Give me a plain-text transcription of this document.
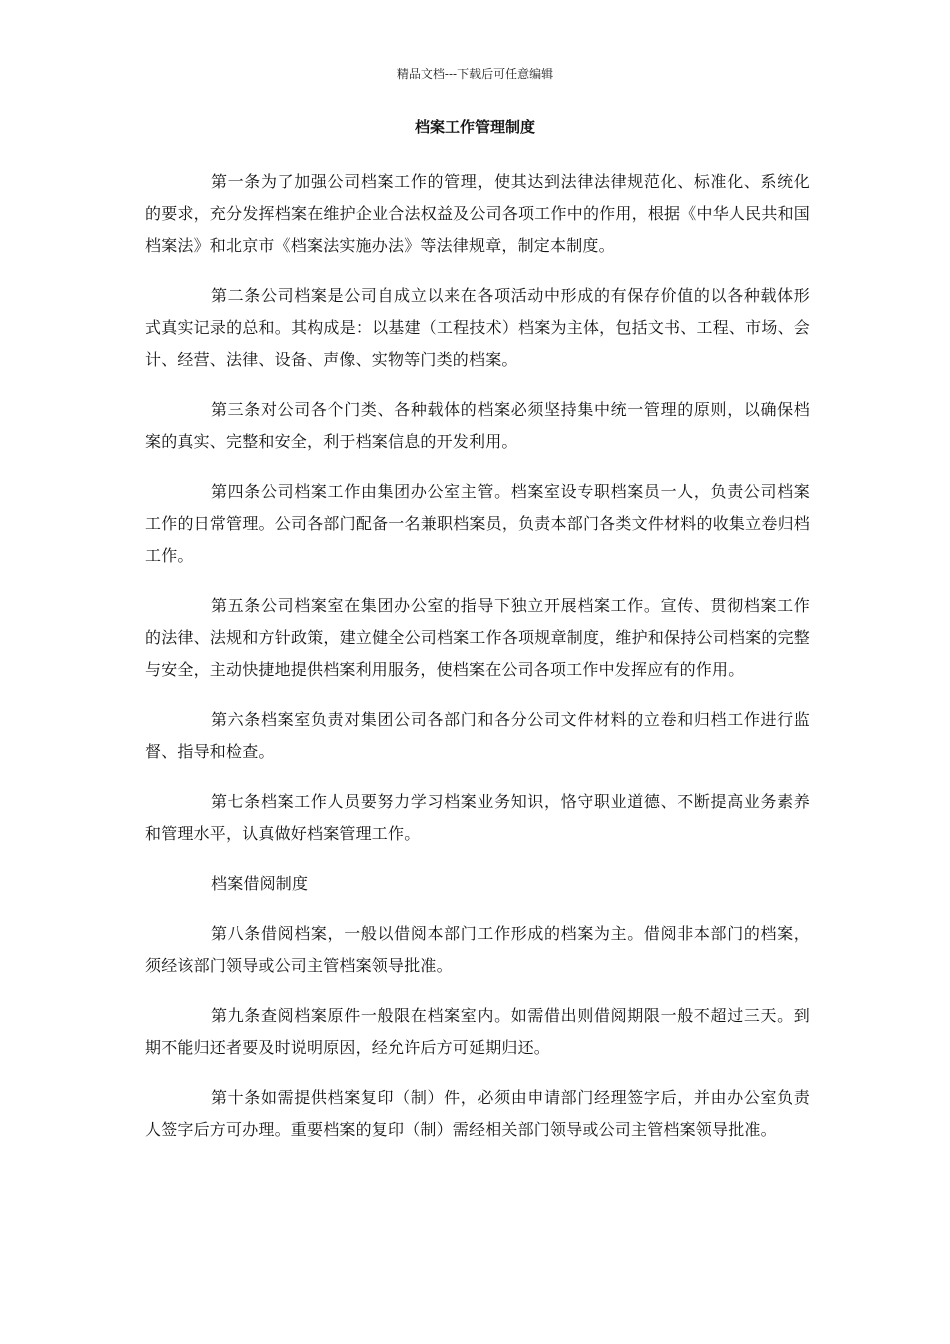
精品文档---下载后可任意编辑
档案工作管理制度

第一条为了加强公司档案工作的管理，使其达到法律法律规范化、标准化、系统化的要求，充分发挥档案在维护企业合法权益及公司各项工作中的作用，根据《中华人民共和国档案法》和北京市《档案法实施办法》等法律规章，制定本制度。

第二条公司档案是公司自成立以来在各项活动中形成的有保存价值的以各种载体形式真实记录的总和。其构成是：以基建（工程技术）档案为主体，包括文书、工程、市场、会计、经营、法律、设备、声像、实物等门类的档案。

第三条对公司各个门类、各种载体的档案必须坚持集中统一管理的原则，以确保档案的真实、完整和安全，利于档案信息的开发利用。

第四条公司档案工作由集团办公室主管。档案室设专职档案员一人，负责公司档案工作的日常管理。公司各部门配备一名兼职档案员，负责本部门各类文件材料的收集立卷归档工作。

第五条公司档案室在集团办公室的指导下独立开展档案工作。宣传、贯彻档案工作的法律、法规和方针政策，建立健全公司档案工作各项规章制度，维护和保持公司档案的完整与安全，主动快捷地提供档案利用服务，使档案在公司各项工作中发挥应有的作用。

第六条档案室负责对集团公司各部门和各分公司文件材料的立卷和归档工作进行监督、指导和检查。

第七条档案工作人员要努力学习档案业务知识，恪守职业道德、不断提高业务素养和管理水平，认真做好档案管理工作。

档案借阅制度

第八条借阅档案，一般以借阅本部门工作形成的档案为主。借阅非本部门的档案，须经该部门领导或公司主管档案领导批准。

第九条查阅档案原件一般限在档案室内。如需借出则借阅期限一般不超过三天。到期不能归还者要及时说明原因，经允许后方可延期归还。

第十条如需提供档案复印（制）件，必须由申请部门经理签字后，并由办公室负责人签字后方可办理。重要档案的复印（制）需经相关部门领导或公司主管档案领导批准。
